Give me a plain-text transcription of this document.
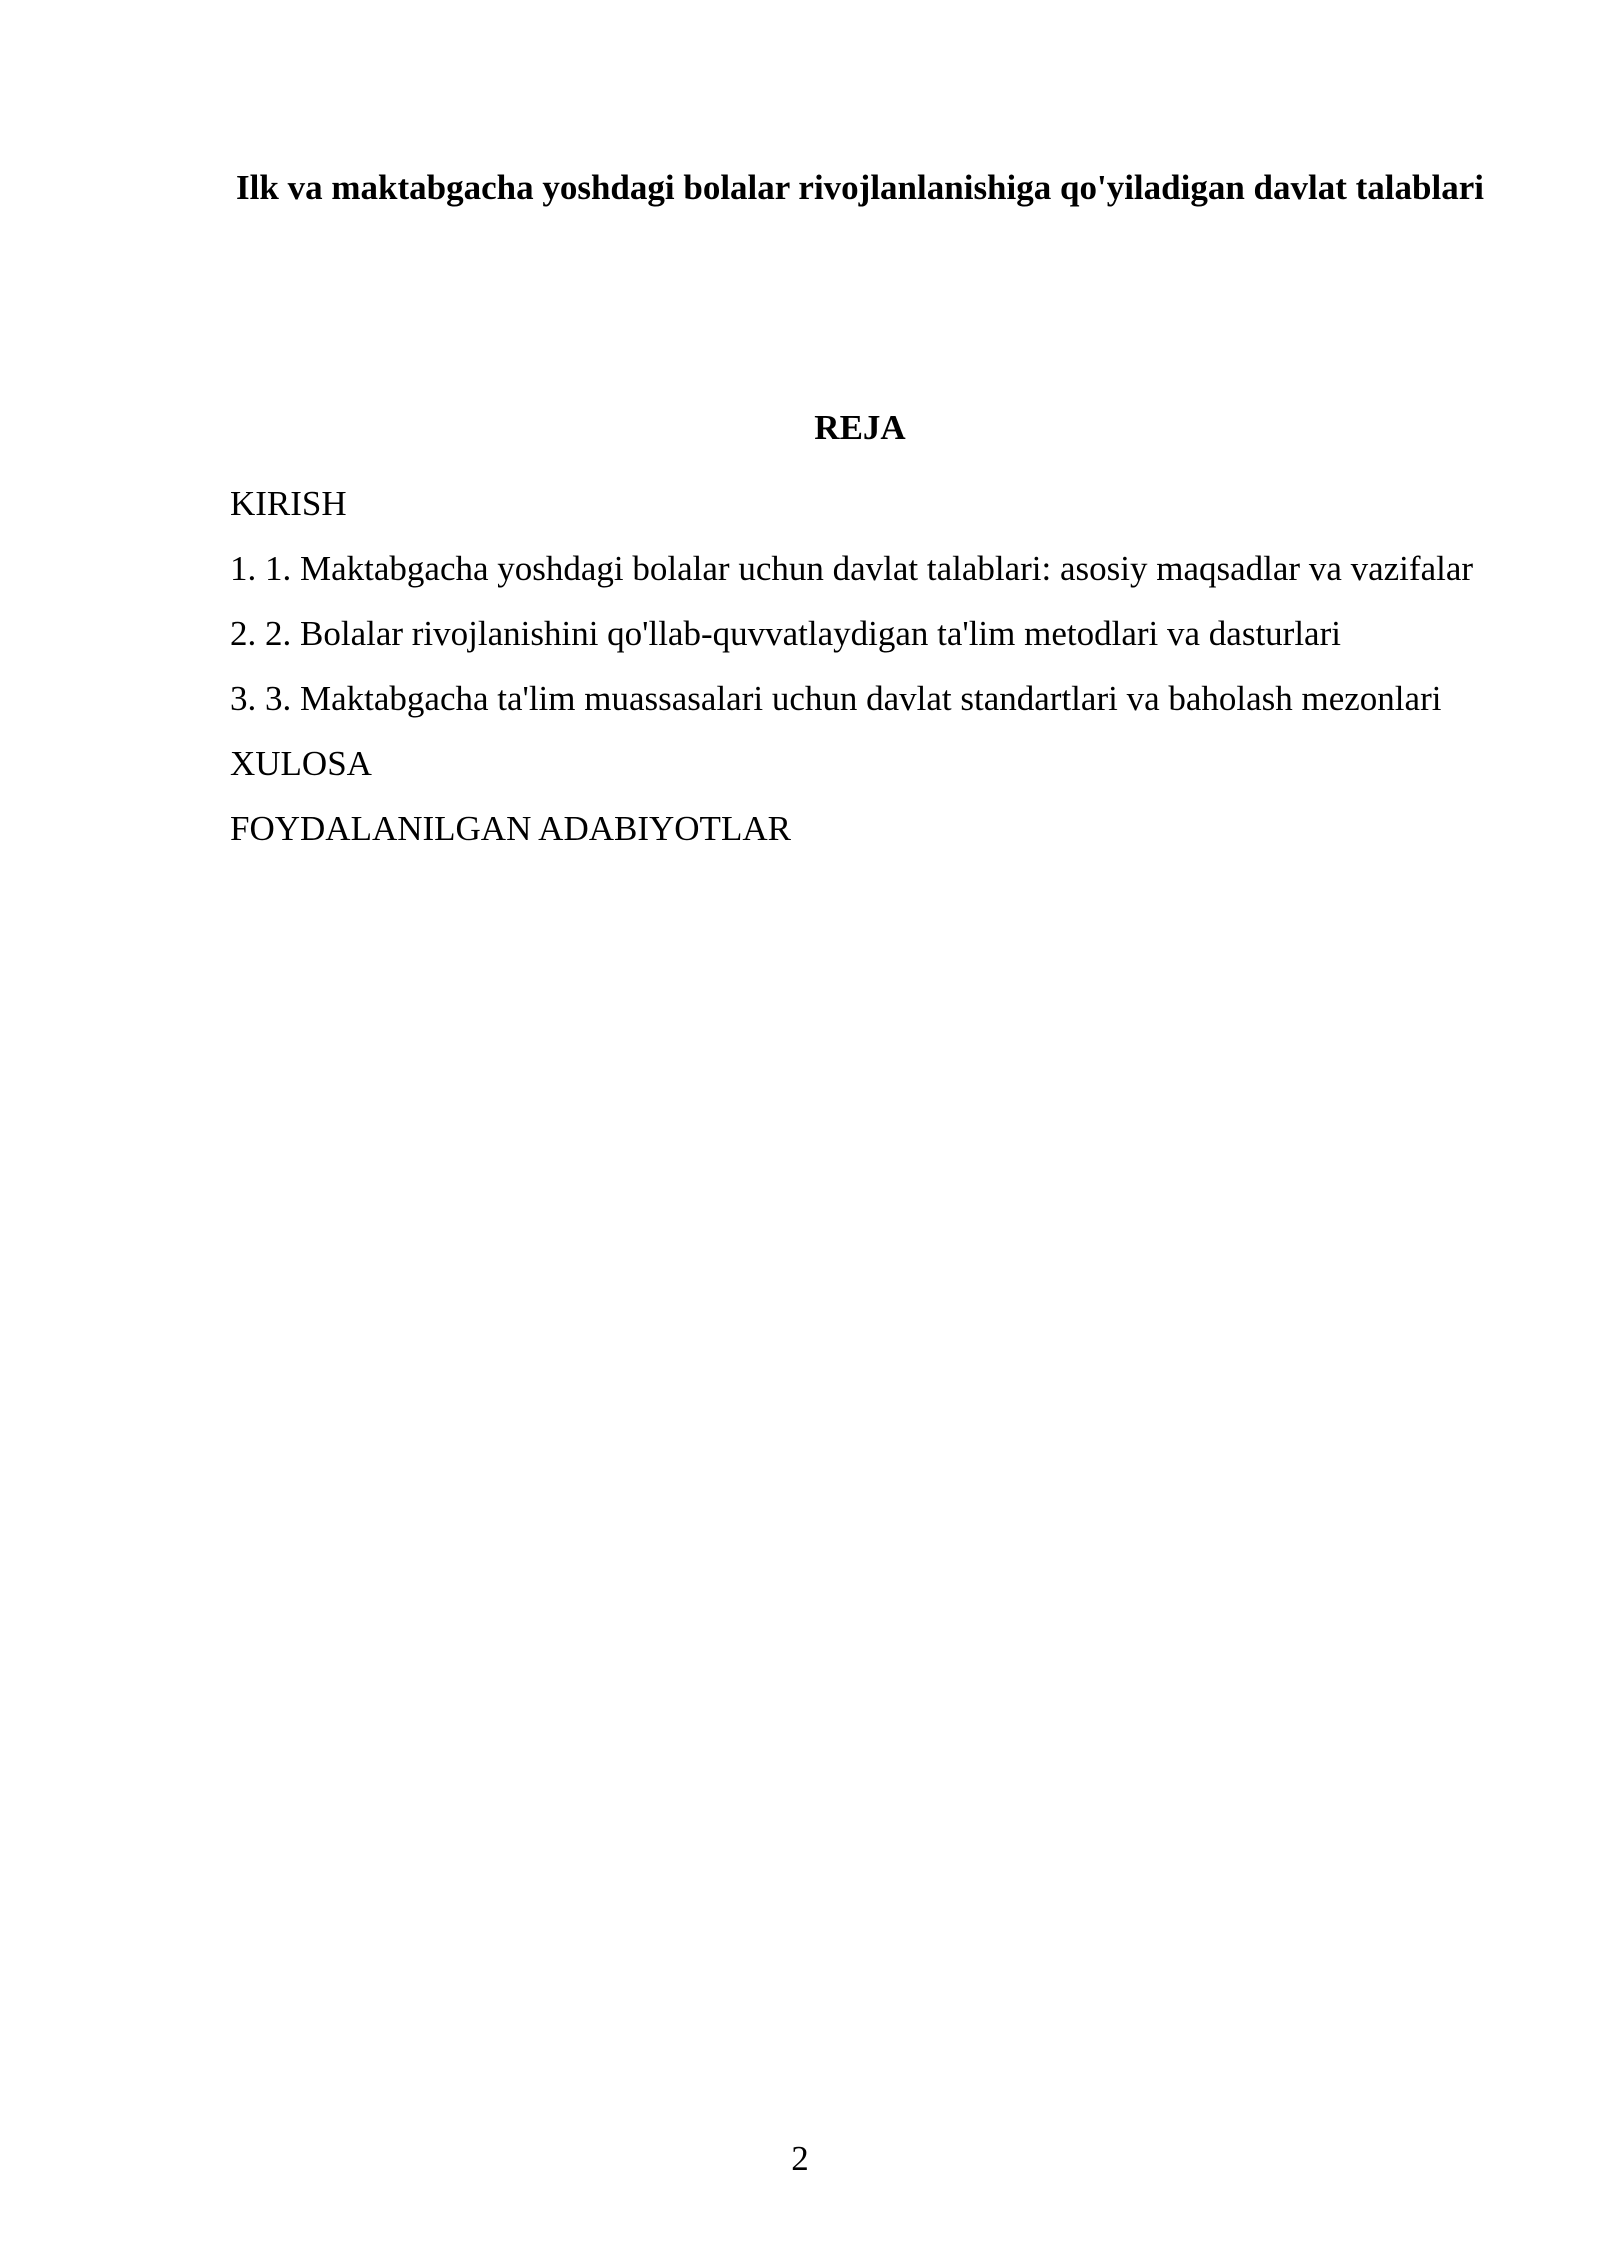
Ilk va maktabgacha yoshdagi bolalar rivojlanlanishiga qo'yiladigan davlat talablari
REJA
KIRISH
1. 1. Maktabgacha yoshdagi bolalar uchun davlat talablari: asosiy maqsadlar va vazifalar
2. 2. Bolalar rivojlanishini qo'llab-quvvatlaydigan ta'lim metodlari va dasturlari
3. 3. Maktabgacha ta'lim muassasalari uchun davlat standartlari va baholash mezonlari
XULOSA
FOYDALANILGAN ADABIYOTLAR
2
